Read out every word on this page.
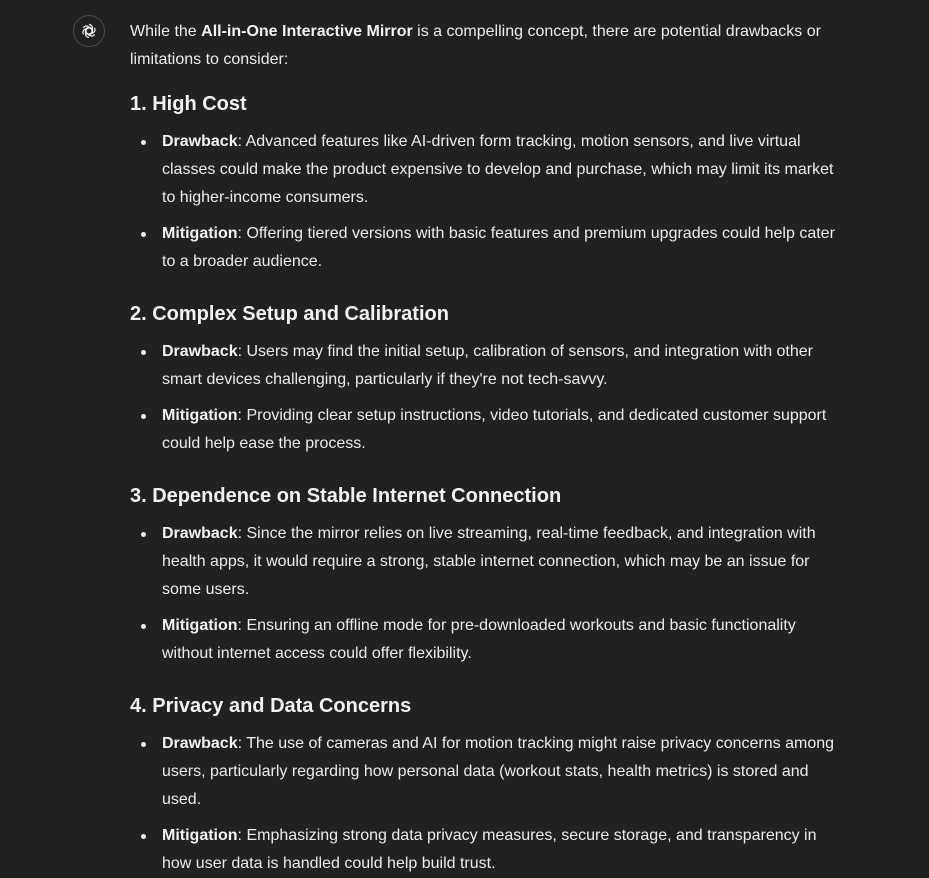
While the All-in-One Interactive Mirror is a compelling concept, there are potential drawbacks or limitations to consider:

1. High Cost
Drawback: Advanced features like AI-driven form tracking, motion sensors, and live virtual classes could make the product expensive to develop and purchase, which may limit its market to higher-income consumers.
Mitigation: Offering tiered versions with basic features and premium upgrades could help cater to a broader audience.
2. Complex Setup and Calibration
Drawback: Users may find the initial setup, calibration of sensors, and integration with other smart devices challenging, particularly if they're not tech-savvy.
Mitigation: Providing clear setup instructions, video tutorials, and dedicated customer support could help ease the process.
3. Dependence on Stable Internet Connection
Drawback: Since the mirror relies on live streaming, real-time feedback, and integration with health apps, it would require a strong, stable internet connection, which may be an issue for some users.
Mitigation: Ensuring an offline mode for pre-downloaded workouts and basic functionality without internet access could offer flexibility.
4. Privacy and Data Concerns
Drawback: The use of cameras and AI for motion tracking might raise privacy concerns among users, particularly regarding how personal data (workout stats, health metrics) is stored and used.
Mitigation: Emphasizing strong data privacy measures, secure storage, and transparency in how user data is handled could help build trust.
